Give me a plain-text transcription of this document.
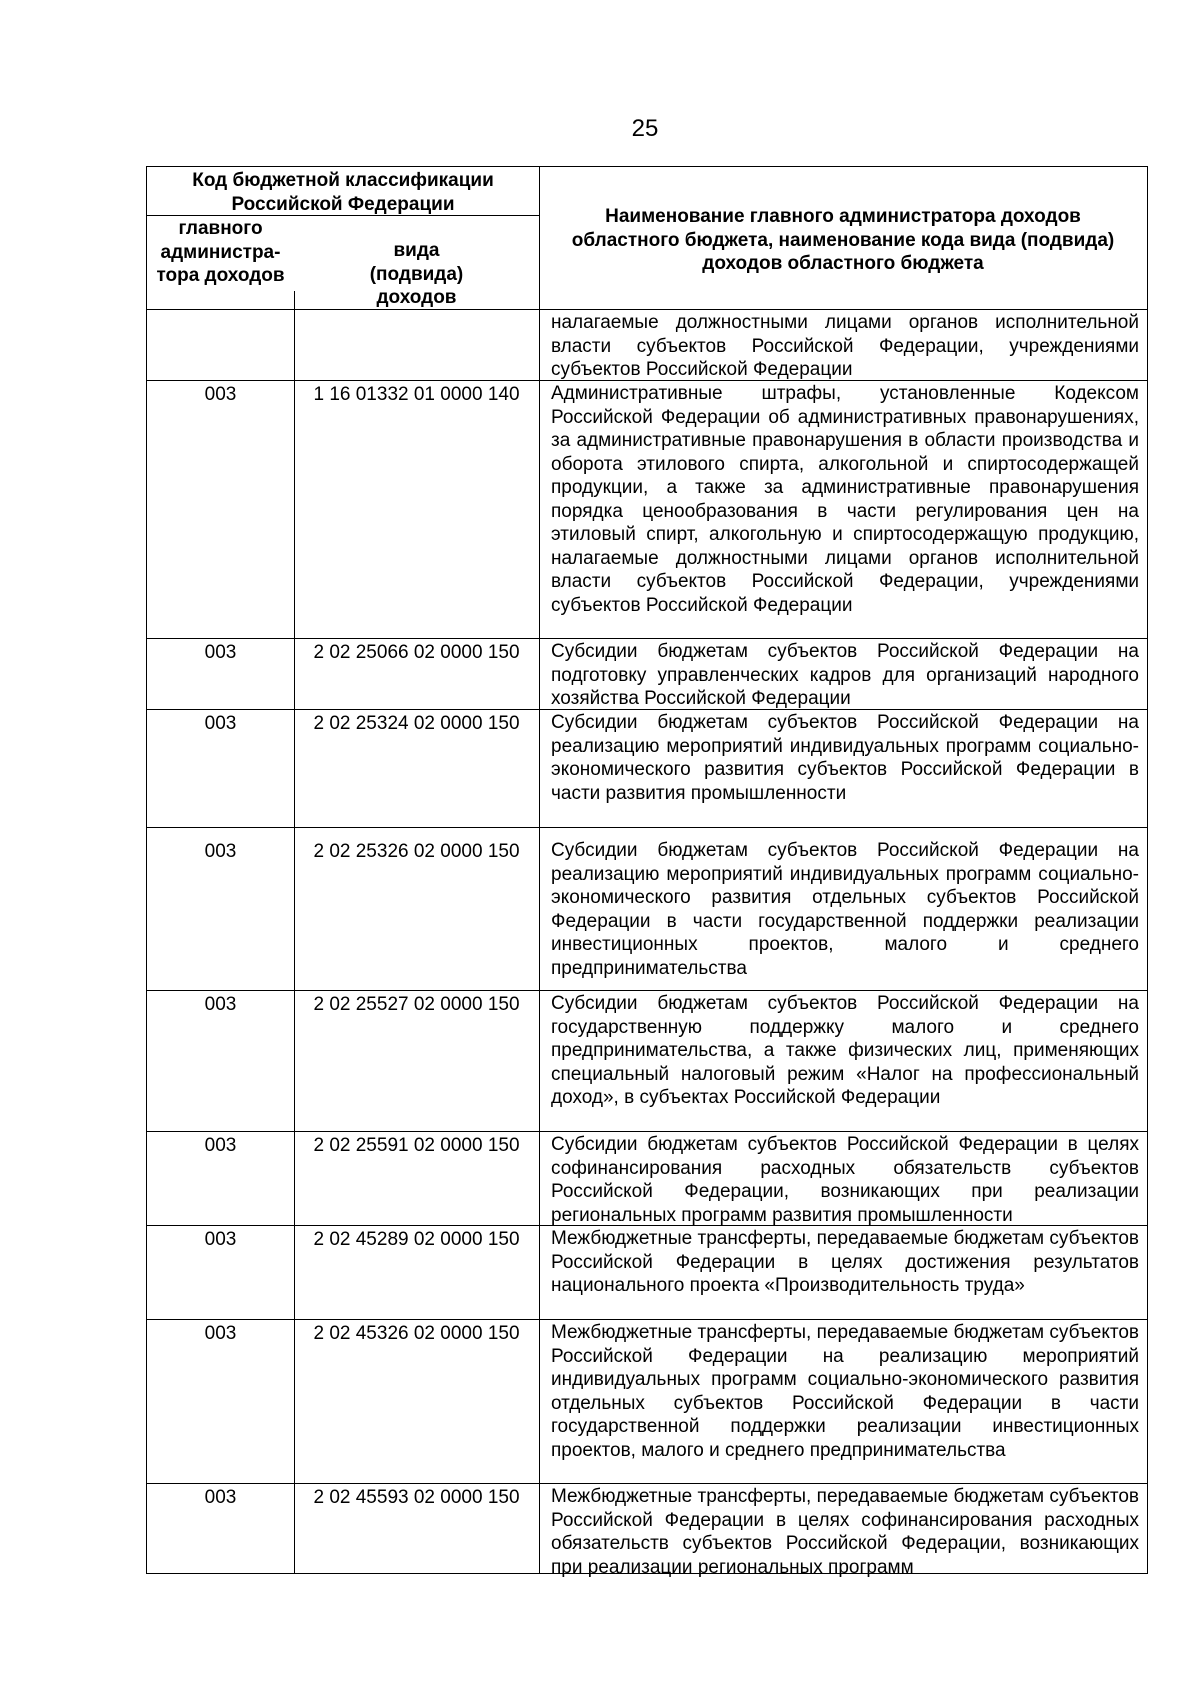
25
Код бюджетной классификации Российской Федерации
главного администра-тора доходов
вида (подвида) доходов
Наименование главного администратора доходов областного бюджета, наименование кода вида (подвида) доходов областного бюджета
налагаемые должностными лицами органов исполнительной власти субъектов Российской Федерации, учреждениями субъектов Российской Федерации
003	1 16 01332 01 0000 140	Административные штрафы, установленные Кодексом Российской Федерации об административных правонарушениях, за административные правонарушения в области производства и оборота этилового спирта, алкогольной и спиртосодержащей продукции, а также за административные правонарушения порядка ценообразования в части регулирования цен на этиловый спирт, алкогольную и спиртосодержащую продукцию, налагаемые должностными лицами органов исполнительной власти субъектов Российской Федерации, учреждениями субъектов Российской Федерации
003	2 02 25066 02 0000 150	Субсидии бюджетам субъектов Российской Федерации на подготовку управленческих кадров для организаций народного хозяйства Российской Федерации
003	2 02 25324 02 0000 150	Субсидии бюджетам субъектов Российской Федерации на реализацию мероприятий индивидуальных программ социально-экономического развития субъектов Российской Федерации в части развития промышленности
003	2 02 25326 02 0000 150	Субсидии бюджетам субъектов Российской Федерации на реализацию мероприятий индивидуальных программ социально-экономического развития отдельных субъектов Российской Федерации в части государственной поддержки реализации инвестиционных проектов, малого и среднего предпринимательства
003	2 02 25527 02 0000 150	Субсидии бюджетам субъектов Российской Федерации на государственную поддержку малого и среднего предпринимательства, а также физических лиц, применяющих специальный налоговый режим «Налог на профессиональный доход», в субъектах Российской Федерации
003	2 02 25591 02 0000 150	Субсидии бюджетам субъектов Российской Федерации в целях софинансирования расходных обязательств субъектов Российской Федерации, возникающих при реализации региональных программ развития промышленности
003	2 02 45289 02 0000 150	Межбюджетные трансферты, передаваемые бюджетам субъектов Российской Федерации в целях достижения результатов национального проекта «Производительность труда»
003	2 02 45326 02 0000 150	Межбюджетные трансферты, передаваемые бюджетам субъектов Российской Федерации на реализацию мероприятий индивидуальных программ социально-экономического развития отдельных субъектов Российской Федерации в части государственной поддержки реализации инвестиционных проектов, малого и среднего предпринимательства
003	2 02 45593 02 0000 150	Межбюджетные трансферты, передаваемые бюджетам субъектов Российской Федерации в целях софинансирования расходных обязательств субъектов Российской Федерации, возникающих при реализации региональных программ
